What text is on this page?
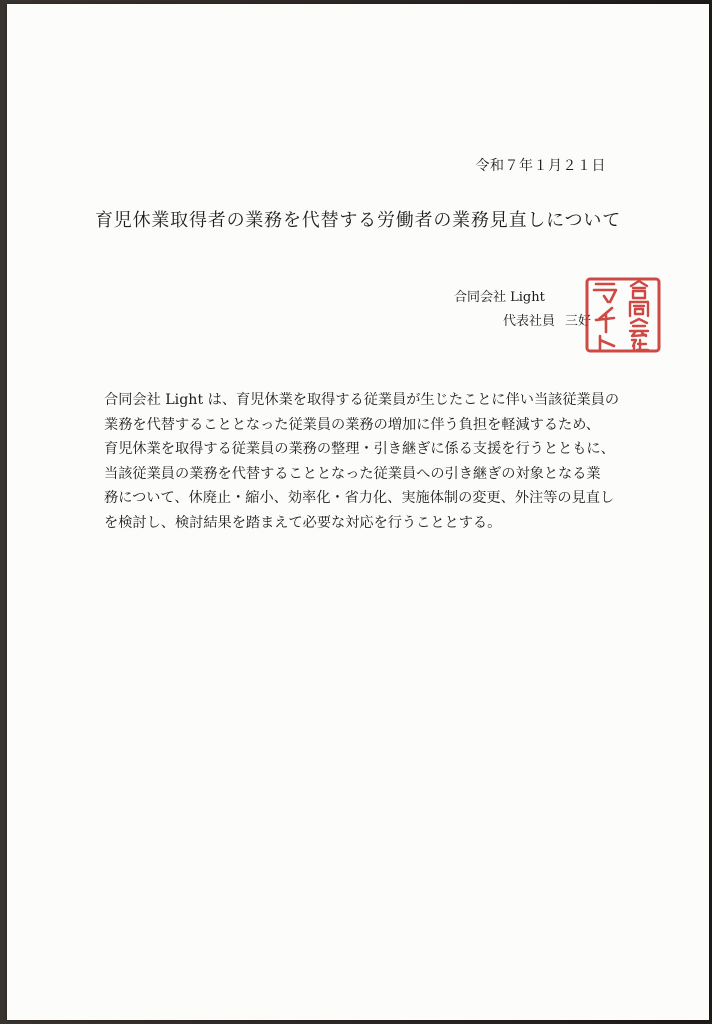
令和７年１月２１日
育児休業取得者の業務を代替する労働者の業務見直しについて
合同会社 Light
代表社員 三好
合同会社 Light は、育児休業を取得する従業員が生じたことに伴い当該従業員の
業務を代替することとなった従業員の業務の増加に伴う負担を軽減するため、
育児休業を取得する従業員の業務の整理・引き継ぎに係る支援を行うとともに、
当該従業員の業務を代替することとなった従業員への引き継ぎの対象となる業
務について、休廃止・縮小、効率化・省力化、実施体制の変更、外注等の見直し
を検討し、検討結果を踏まえて必要な対応を行うこととする。
